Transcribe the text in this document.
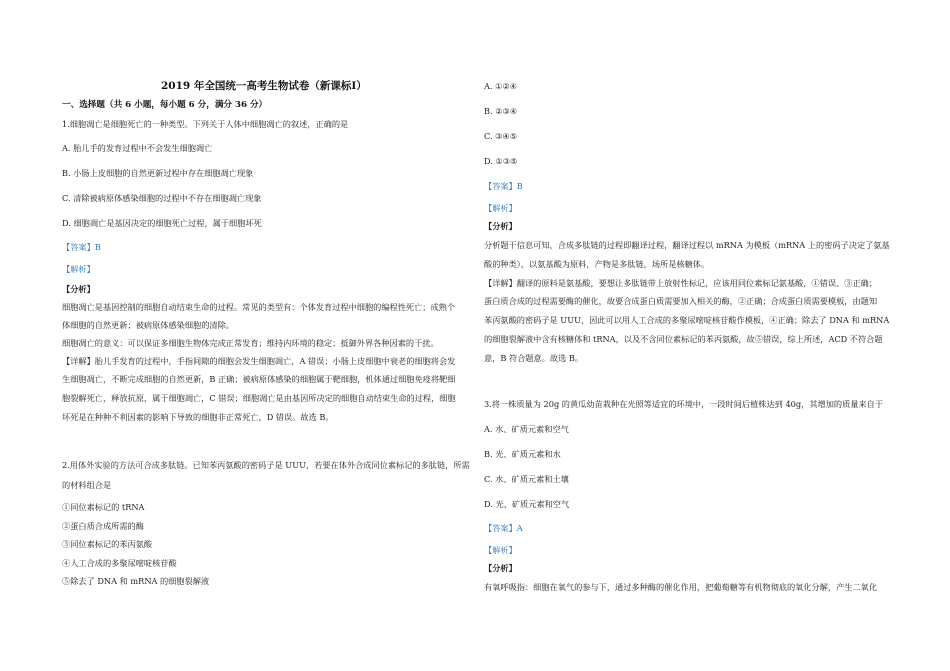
2019 年全国统一高考生物试卷（新课标Ⅰ）
一、选择题（共 6 小题，每小题 6 分，满分 36 分）
1.细胞凋亡是细胞死亡的一种类型。下列关于人体中细胞凋亡的叙述，正确的是
A. 胎儿手的发育过程中不会发生细胞凋亡
B. 小肠上皮细胞的自然更新过程中存在细胞凋亡现象
C. 清除被病原体感染细胞的过程中不存在细胞凋亡现象
D. 细胞凋亡是基因决定的细胞死亡过程，属于细胞坏死
【答案】B
【解析】
【分析】
细胞凋亡是基因控制的细胞自动结束生命的过程。常见的类型有：个体发育过程中细胞的编程性死亡；成熟个
体细胞的自然更新；被病原体感染细胞的清除。
细胞凋亡的意义：可以保证多细胞生物体完成正常发育；维持内环境的稳定；抵御外界各种因素的干扰。
【详解】胎儿手发育的过程中，手指间隙的细胞会发生细胞凋亡，A 错误；小肠上皮细胞中衰老的细胞将会发
生细胞凋亡，不断完成细胞的自然更新，B 正确；被病原体感染的细胞属于靶细胞，机体通过细胞免疫将靶细
胞裂解死亡，释放抗原，属于细胞凋亡，C 错误；细胞凋亡是由基因所决定的细胞自动结束生命的过程，细胞
坏死是在种种不利因素的影响下导致的细胞非正常死亡，D 错误。故选 B。
2.用体外实验的方法可合成多肽链。已知苯丙氨酸的密码子是 UUU，若要在体外合成同位素标记的多肽链，所需
的材料组合是
①同位素标记的 tRNA
②蛋白质合成所需的酶
③同位素标记的苯丙氨酸
④人工合成的多聚尿嘧啶核苷酸
⑤除去了 DNA 和 mRNA 的细胞裂解液
A. ①②④
B. ②③④
C. ③④⑤
D. ①③⑤
【答案】B
【解析】
【分析】
分析题干信息可知，合成多肽链的过程即翻译过程，翻译过程以 mRNA 为模板（mRNA 上的密码子决定了氨基
酸的种类），以氨基酸为原料，产物是多肽链，场所是核糖体。
【详解】翻译的原料是氨基酸，要想让多肽链带上放射性标记，应该用同位素标记氨基酸，①错误、③正确；
蛋白质合成的过程需要酶的催化，故要合成蛋白质需要加入相关的酶，②正确；合成蛋白质需要模板，由题知
苯丙氨酸的密码子是 UUU，因此可以用人工合成的多聚尿嘧啶核苷酸作模板，④正确；除去了 DNA 和 mRNA
的细胞裂解液中含有核糖体和 tRNA，以及不含同位素标记的苯丙氨酸，故⑤错误，综上所述，ACD 不符合题
意，B 符合题意。故选 B。
3.将一株质量为 20g 的黄瓜幼苗栽种在光照等适宜的环境中，一段时间后植株达到 40g，其增加的质量来自于
A. 水、矿质元素和空气
B. 光、矿质元素和水
C. 水、矿质元素和土壤
D. 光、矿质元素和空气
【答案】A
【解析】
【分析】
有氧呼吸指：细胞在氧气的参与下，通过多种酶的催化作用，把葡萄糖等有机物彻底的氧化分解，产生二氧化
